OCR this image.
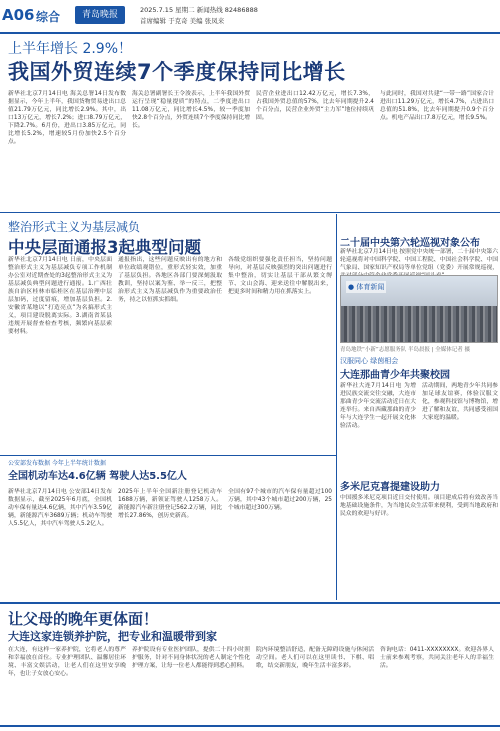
A06 综合	青岛晚报	2025.7.15 星期二 新闻热线 82486888
首席编辑 于克奇 美编 张凤来
上半年增长 2.9%！
我国外贸连续7个季度保持同比增长
新华社北京7月14日电 海关总署14日发布数据显示，今年上半年，我国货物贸易进出口总值21.79万亿元，同比增长2.9%。其中，出口13万亿元，增长7.2%；进口8.79万亿元，下降2.7%。6月份，进出口3.85万亿元，同比增长5.2%，增速较5月份加快2.5个百分点。
海关总署副署长王令浚表示，上半年我国外贸运行呈现“稳量提质”的特点，二季度进出口11.08万亿元，同比增长4.5%，较一季度加快2.8个百分点，外贸连续7个季度保持同比增长。
民营企业进出口12.42万亿元，增长7.3%，占我国外贸总值的57%，比去年同期提升2.4个百分点，民营企业外贸“主力军”地位持续巩固。
与此同时，我国对共建“一带一路”国家合计进出口11.29万亿元，增长4.7%，占进出口总值的51.8%，比去年同期提升0.9个百分点。机电产品出口7.8万亿元，增长9.5%。
整治形式主义为基层减负
中央层面通报3起典型问题
新华社北京7月14日电 日前，中央层面整治形式主义为基层减负专项工作机制办公室对近期查处的3起整治形式主义为基层减负典型问题进行通报。1.广西壮族自治区桂林市临桂区在基层治理中层层加码，过度留痕，增加基层负担。2.安徽省某地以“打造亮点”为名搞形式主义，项目建设脱离实际。3.湖南省某县违规开展督查检查考核，频繁向基层索要材料。
通报指出，这些问题反映出有的地方和单位政绩观错位，重形式轻实效，加重了基层负担。各地区各部门要深刻汲取教训，坚持以案为鉴、举一反三，把整治形式主义为基层减负作为重要政治任务，持之以恒抓实抓细。
各级党组织要强化责任担当，坚持问题导向，对基层反映强烈的突出问题进行集中整治，切实让基层干部从繁文缛节、文山会海、迎来送往中解脱出来，把更多时间和精力用在抓落实上。
公安部发布数据 今年上半年统计数据
全国机动车达4.6亿辆 驾驶人达5.5亿人
新华社北京7月14日电 公安部14日发布数据显示，截至2025年6月底，全国机动车保有量达4.6亿辆，其中汽车3.59亿辆，新能源汽车3689万辆；机动车驾驶人5.5亿人，其中汽车驾驶人5.2亿人。
2025年上半年全国新注册登记机动车1688万辆，新领证驾驶人1258万人。新能源汽车新注册登记562.2万辆，同比增长27.86%，创历史新高。
全国有97个城市的汽车保有量超过100万辆，其中43个城市超过200万辆，25个城市超过300万辆。
二十届中央第六轮巡视对象公布
新华社北京7月14日电 按照党中央统一部署，二十届中央第六轮巡视将对中国科学院、中国工程院、中国社会科学院、中国气象局、国家知识产权局等单位党组（党委）开展常规巡视，
● 体育新闻
青岛地铁“小新”志愿服务队 半岛晨报 | 全媒体记者 摄
汉服同心 绿茵相会
大连那曲青少年共聚校园
新华社大连7月14日电 为增进民族交流交往交融，大连市那曲青少年交流活动近日在大连举行。来自西藏那曲的青少年与大连学生一起开展文化体验活动。
活动期间，两地青少年共同参加足球友谊赛，体验汉服文化，参观科技馆与博物馆，增进了解和友谊，共同感受祖国大家庭的温暖。
多米尼克喜提建设助力
中国援多米尼克项目近日交付使用。项目建成后将有效改善当地基础设施条件，为当地民众生活带来便利，受到当地政府和民众的欢迎与好评。
让父母的晚年更体面！
大连这家连锁养护院，把专业和温暖带到家
在大连，有这样一家养护院，它将老人的尊严和幸福放在首位。专业护理团队、温馨居住环境、丰富文娱活动，让老人们在这里安享晚年，也让子女放心安心。
养护院设有专业医护团队，提供二十四小时照护服务，针对不同身体状况的老人制定个性化护理方案，让每一位老人都能得到悉心照料。
院内环境整洁舒适，配备无障碍设施与休闲活动空间。老人们可以在这里读书、下棋、唱歌，结交新朋友，晚年生活丰富多彩。
咨询电话：0411-XXXXXXXX。欢迎各界人士前来参观考察，共同关注老年人的幸福生活。
